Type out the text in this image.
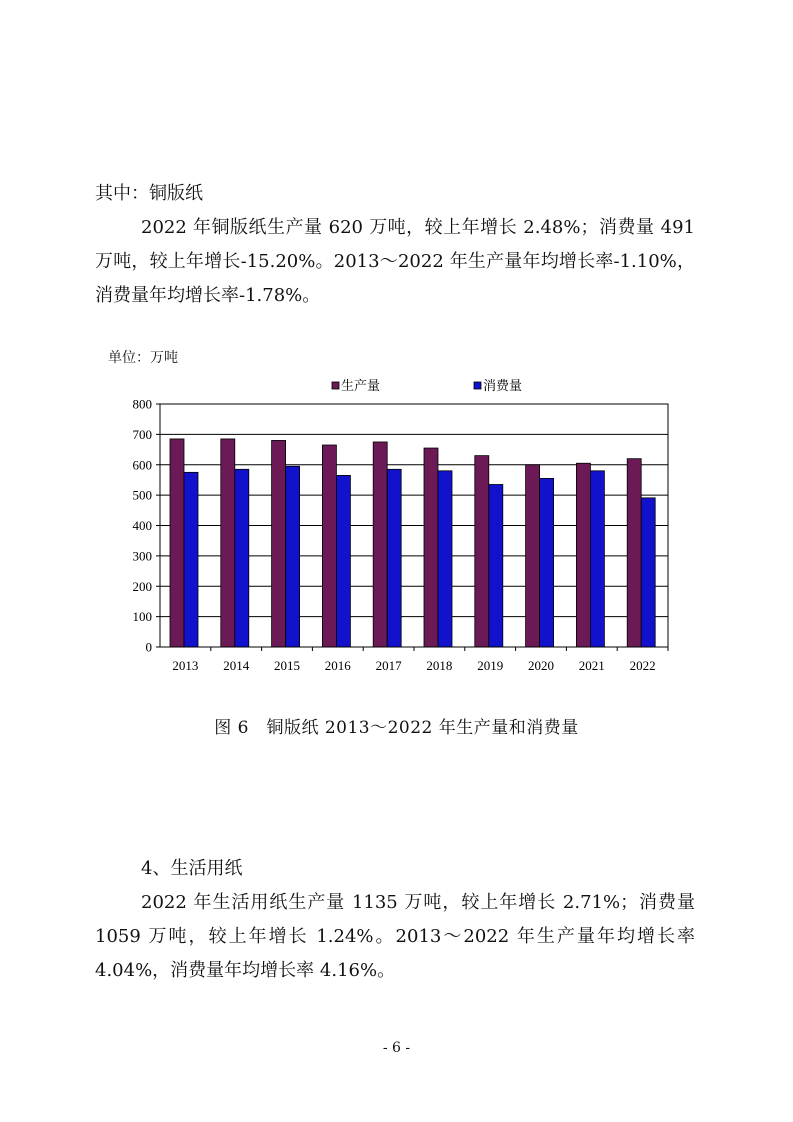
其中：铜版纸

2022 年铜版纸生产量 620 万吨，较上年增长 2.48%；消费量 491 万吨，较上年增长-15.20%。2013～2022 年生产量年均增长率-1.10%，消费量年均增长率-1.78%。

单位：万吨
生产量	消费量
0
100
200
300
400
500
600
700
800
2013 2014 2015 2016 2017 2018 2019 2020 2021 2022
图 6　铜版纸 2013～2022 年生产量和消费量

4、生活用纸

2022 年生活用纸生产量 1135 万吨，较上年增长 2.71%；消费量 1059 万吨，较上年增长 1.24%。2013～2022 年生产量年均增长率 4.04%，消费量年均增长率 4.16%。

- 6 -
